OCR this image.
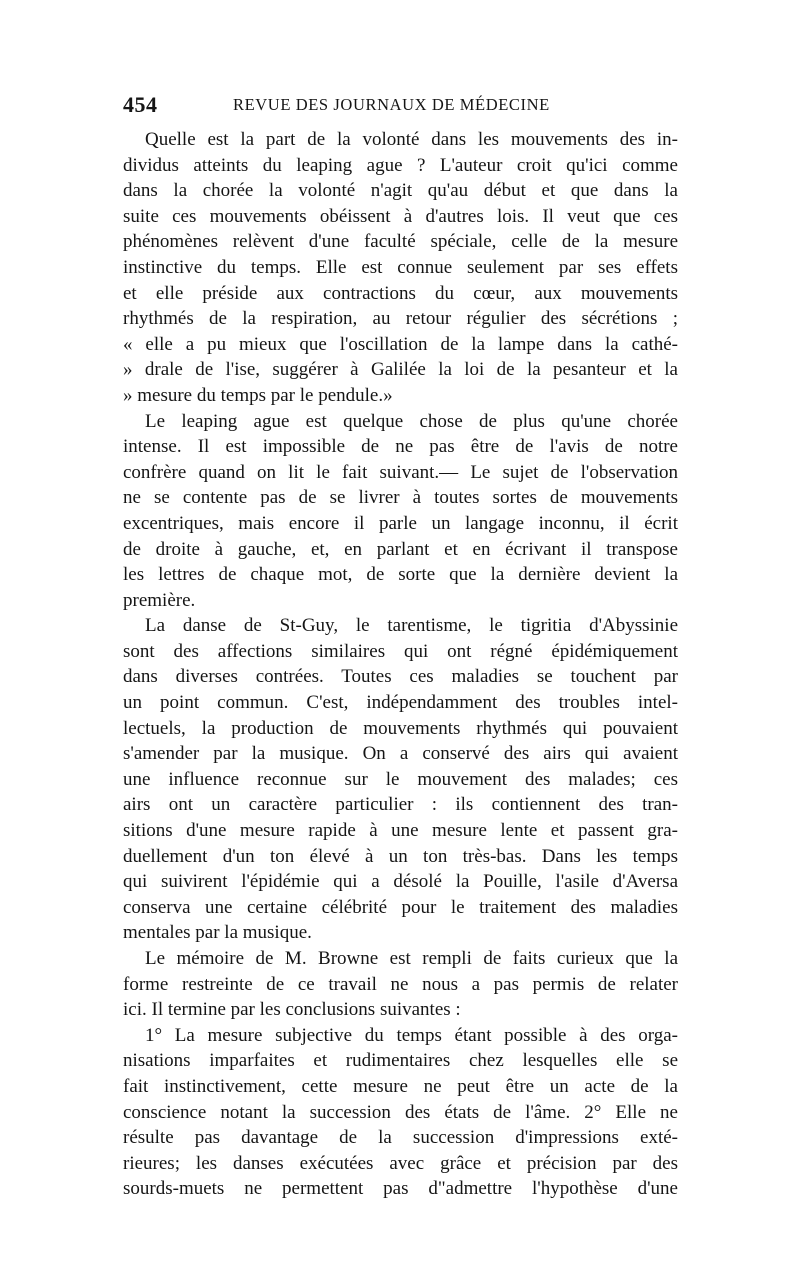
454	REVUE DES JOURNAUX DE MÉDECINE
Quelle est la part de la volonté dans les mouvements des in-
dividus atteints du leaping ague ? L'auteur croit qu'ici comme
dans la chorée la volonté n'agit qu'au début et que dans la
suite ces mouvements obéissent à d'autres lois. Il veut que ces
phénomènes relèvent d'une faculté spéciale, celle de la mesure
instinctive du temps. Elle est connue seulement par ses effets
et elle préside aux contractions du cœur, aux mouvements
rhythmés de la respiration, au retour régulier des sécrétions ;
« elle a pu mieux que l'oscillation de la lampe dans la cathé-
» drale de l'ise, suggérer à Galilée la loi de la pesanteur et la
» mesure du temps par le pendule.»
Le leaping ague est quelque chose de plus qu'une chorée
intense. Il est impossible de ne pas être de l'avis de notre
confrère quand on lit le fait suivant.— Le sujet de l'observation
ne se contente pas de se livrer à toutes sortes de mouvements
excentriques, mais encore il parle un langage inconnu, il écrit
de droite à gauche, et, en parlant et en écrivant il transpose
les lettres de chaque mot, de sorte que la dernière devient la
première.
La danse de St-Guy, le tarentisme, le tigritia d'Abyssinie
sont des affections similaires qui ont régné épidémiquement
dans diverses contrées. Toutes ces maladies se touchent par
un point commun. C'est, indépendamment des troubles intel-
lectuels, la production de mouvements rhythmés qui pouvaient
s'amender par la musique. On a conservé des airs qui avaient
une influence reconnue sur le mouvement des malades; ces
airs ont un caractère particulier : ils contiennent des tran-
sitions d'une mesure rapide à une mesure lente et passent gra-
duellement d'un ton élevé à un ton très-bas. Dans les temps
qui suivirent l'épidémie qui a désolé la Pouille, l'asile d'Aversa
conserva une certaine célébrité pour le traitement des maladies
mentales par la musique.
Le mémoire de M. Browne est rempli de faits curieux que la
forme restreinte de ce travail ne nous a pas permis de relater
ici. Il termine par les conclusions suivantes :
1° La mesure subjective du temps étant possible à des orga-
nisations imparfaites et rudimentaires chez lesquelles elle se
fait instinctivement, cette mesure ne peut être un acte de la
conscience notant la succession des états de l'âme. 2° Elle ne
résulte pas davantage de la succession d'impressions exté-
rieures; les danses exécutées avec grâce et précision par des
sourds-muets ne permettent pas d"admettre l'hypothèse d'une
